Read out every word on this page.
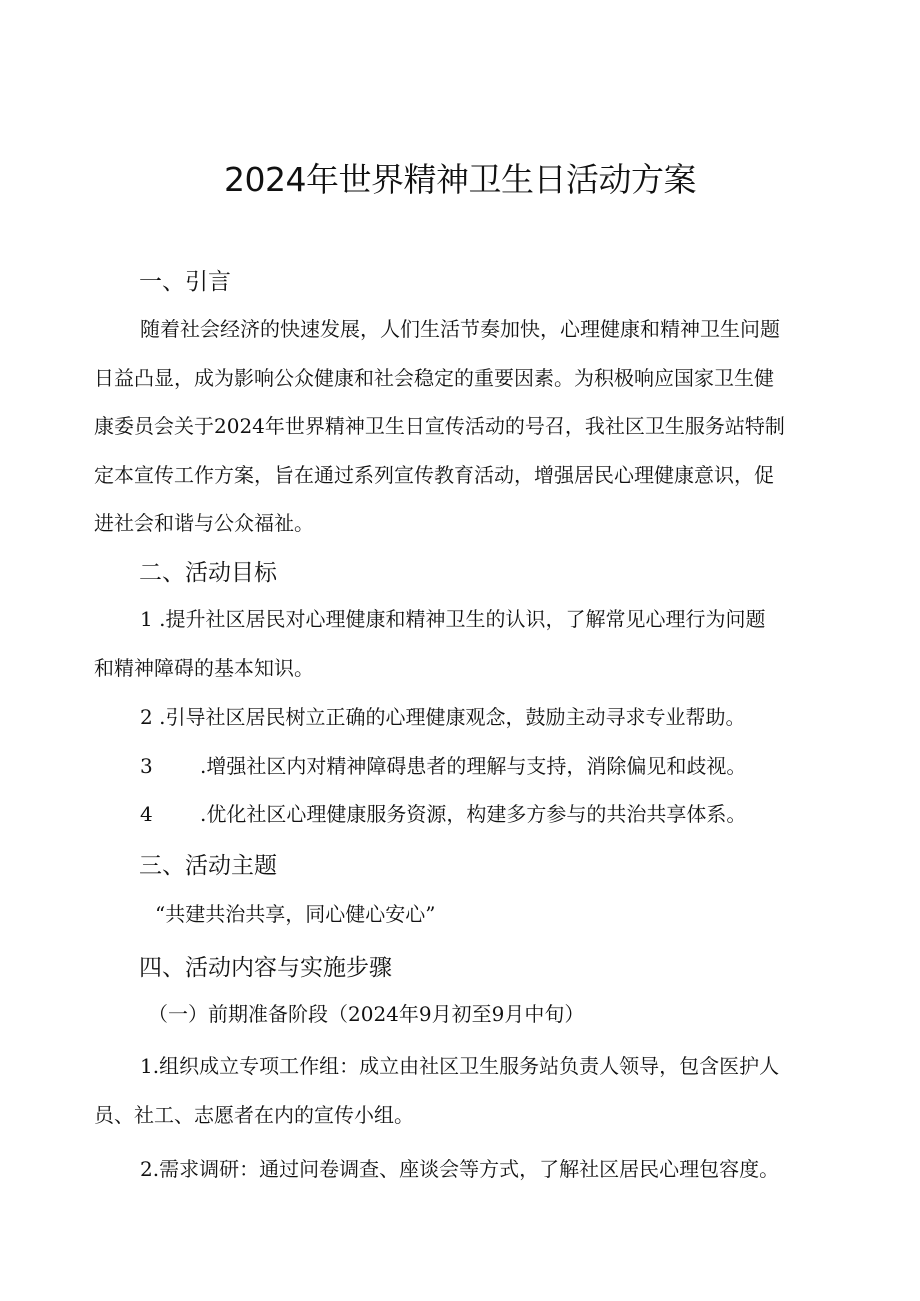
2024年世界精神卫生日活动方案
一、引言
随着社会经济的快速发展，人们生活节奏加快，心理健康和精神卫生问题
日益凸显，成为影响公众健康和社会稳定的重要因素。为积极响应国家卫生健
康委员会关于2024年世界精神卫生日宣传活动的号召，我社区卫生服务站特制
定本宣传工作方案，旨在通过系列宣传教育活动，增强居民心理健康意识，促
进社会和谐与公众福祉。
二、活动目标
1 .提升社区居民对心理健康和精神卫生的认识，了解常见心理行为问题
和精神障碍的基本知识。
2 .引导社区居民树立正确的心理健康观念，鼓励主动寻求专业帮助。
3 .增强社区内对精神障碍患者的理解与支持，消除偏见和歧视。
4 .优化社区心理健康服务资源，构建多方参与的共治共享体系。
三、活动主题
“共建共治共享，同心健心安心”
四、活动内容与实施步骤
（一）前期准备阶段（2024年9月初至9月中旬）
1.组织成立专项工作组：成立由社区卫生服务站负责人领导，包含医护人
员、社工、志愿者在内的宣传小组。
2.需求调研：通过问卷调查、座谈会等方式，了解社区居民心理包容度。
